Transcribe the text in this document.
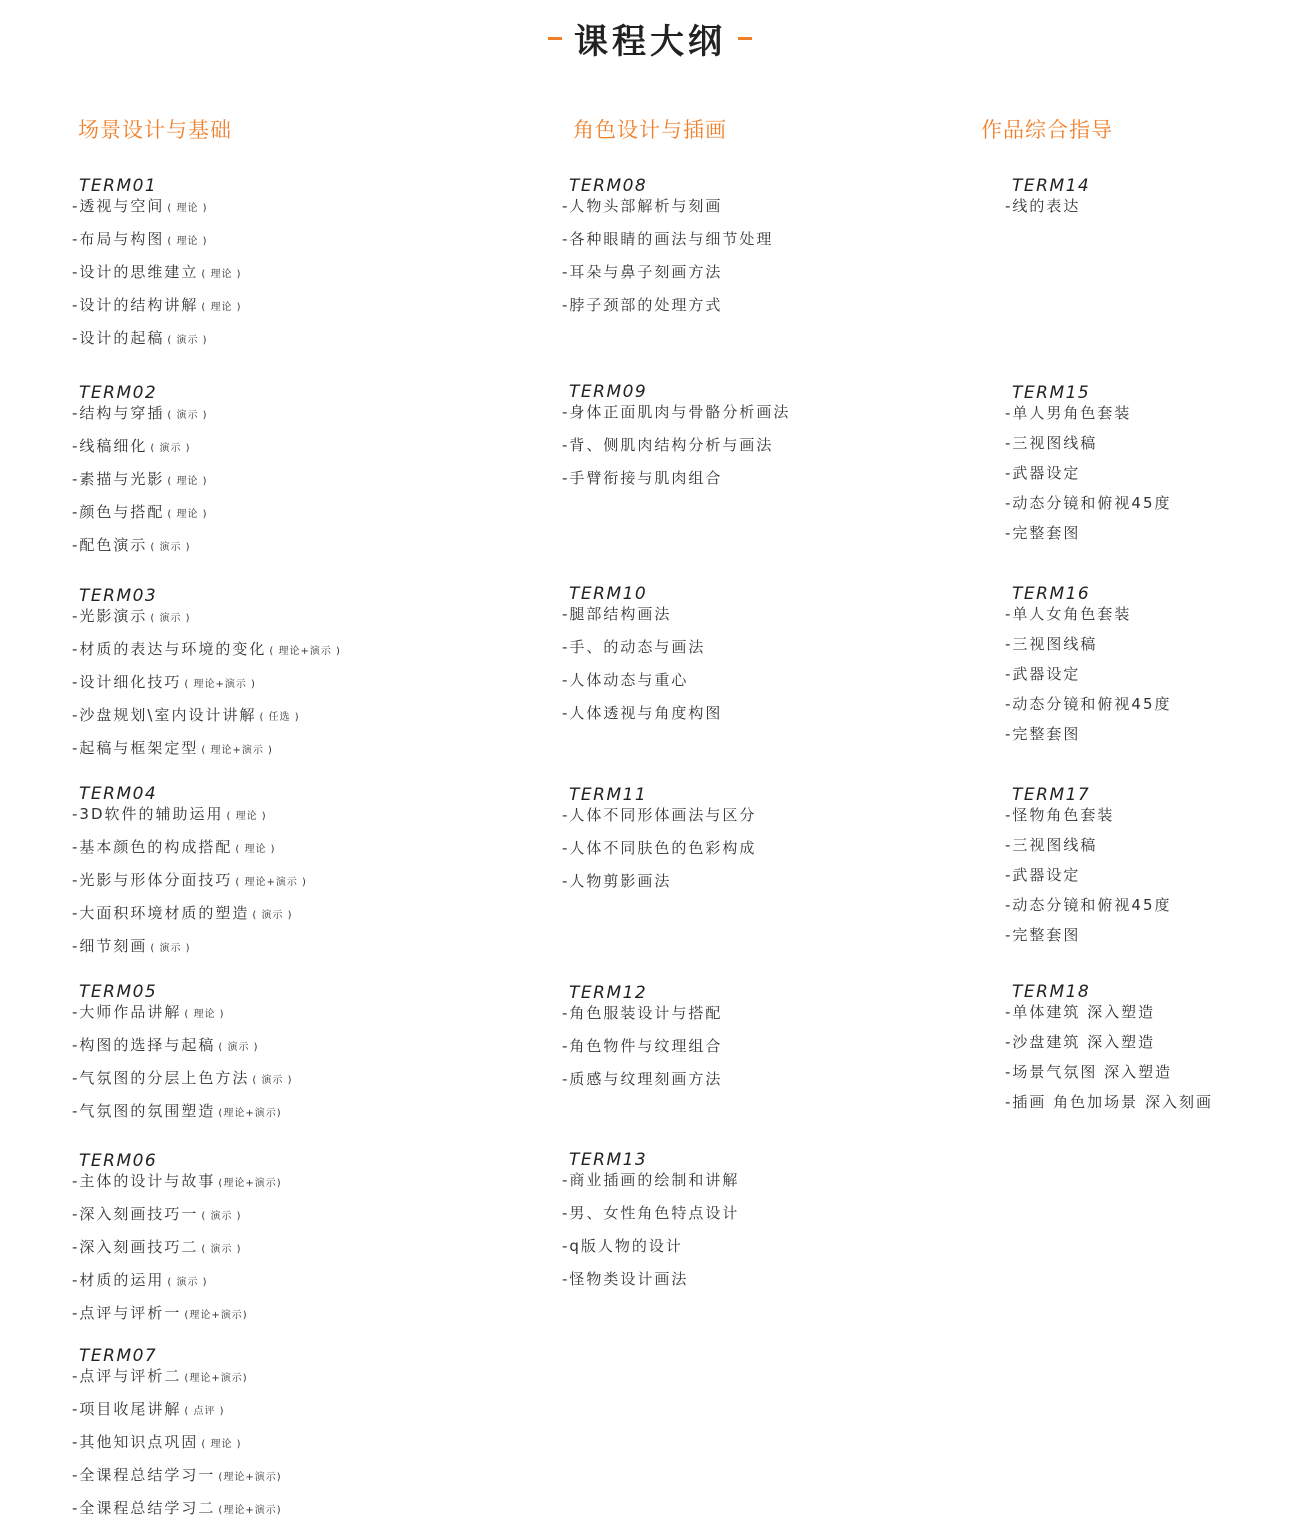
课程大纲
场景设计与基础
TERM01
-透视与空间 ( 理论 )
-布局与构图 ( 理论 )
-设计的思维建立 ( 理论 )
-设计的结构讲解 ( 理论 )
-设计的起稿 ( 演示 )
TERM02
-结构与穿插 ( 演示 )
-线稿细化 ( 演示 )
-素描与光影 ( 理论 )
-颜色与搭配 ( 理论 )
-配色演示 ( 演示 )
TERM03
-光影演示 ( 演示 )
-材质的表达与环境的变化 ( 理论+演示 )
-设计细化技巧 ( 理论+演示 )
-沙盘规划\室内设计讲解 ( 任选 )
-起稿与框架定型 ( 理论+演示 )
TERM04
-3D软件的辅助运用 ( 理论 )
-基本颜色的构成搭配 ( 理论 )
-光影与形体分面技巧 ( 理论+演示 )
-大面积环境材质的塑造 ( 演示 )
-细节刻画 ( 演示 )
TERM05
-大师作品讲解 ( 理论 )
-构图的选择与起稿 ( 演示 )
-气氛图的分层上色方法 ( 演示 )
-气氛图的氛围塑造 (理论+演示)
TERM06
-主体的设计与故事 (理论+演示)
-深入刻画技巧一 ( 演示 )
-深入刻画技巧二 ( 演示 )
-材质的运用 ( 演示 )
-点评与评析一 (理论+演示)
TERM07
-点评与评析二 (理论+演示)
-项目收尾讲解 ( 点评 )
-其他知识点巩固 ( 理论 )
-全课程总结学习一 (理论+演示)
-全课程总结学习二 (理论+演示)
角色设计与插画
TERM08
-人物头部解析与刻画
-各种眼睛的画法与细节处理
-耳朵与鼻子刻画方法
-脖子颈部的处理方式
TERM09
-身体正面肌肉与骨骼分析画法
-背、侧肌肉结构分析与画法
-手臂衔接与肌肉组合
TERM10
-腿部结构画法
-手、的动态与画法
-人体动态与重心
-人体透视与角度构图
TERM11
-人体不同形体画法与区分
-人体不同肤色的色彩构成
-人物剪影画法
TERM12
-角色服装设计与搭配
-角色物件与纹理组合
-质感与纹理刻画方法
TERM13
-商业插画的绘制和讲解
-男、女性角色特点设计
-q版人物的设计
-怪物类设计画法
作品综合指导
TERM14
-线的表达
TERM15
-单人男角色套装
-三视图线稿
-武器设定
-动态分镜和俯视45度
-完整套图
TERM16
-单人女角色套装
-三视图线稿
-武器设定
-动态分镜和俯视45度
-完整套图
TERM17
-怪物角色套装
-三视图线稿
-武器设定
-动态分镜和俯视45度
-完整套图
TERM18
-单体建筑 深入塑造
-沙盘建筑 深入塑造
-场景气氛图 深入塑造
-插画 角色加场景 深入刻画
